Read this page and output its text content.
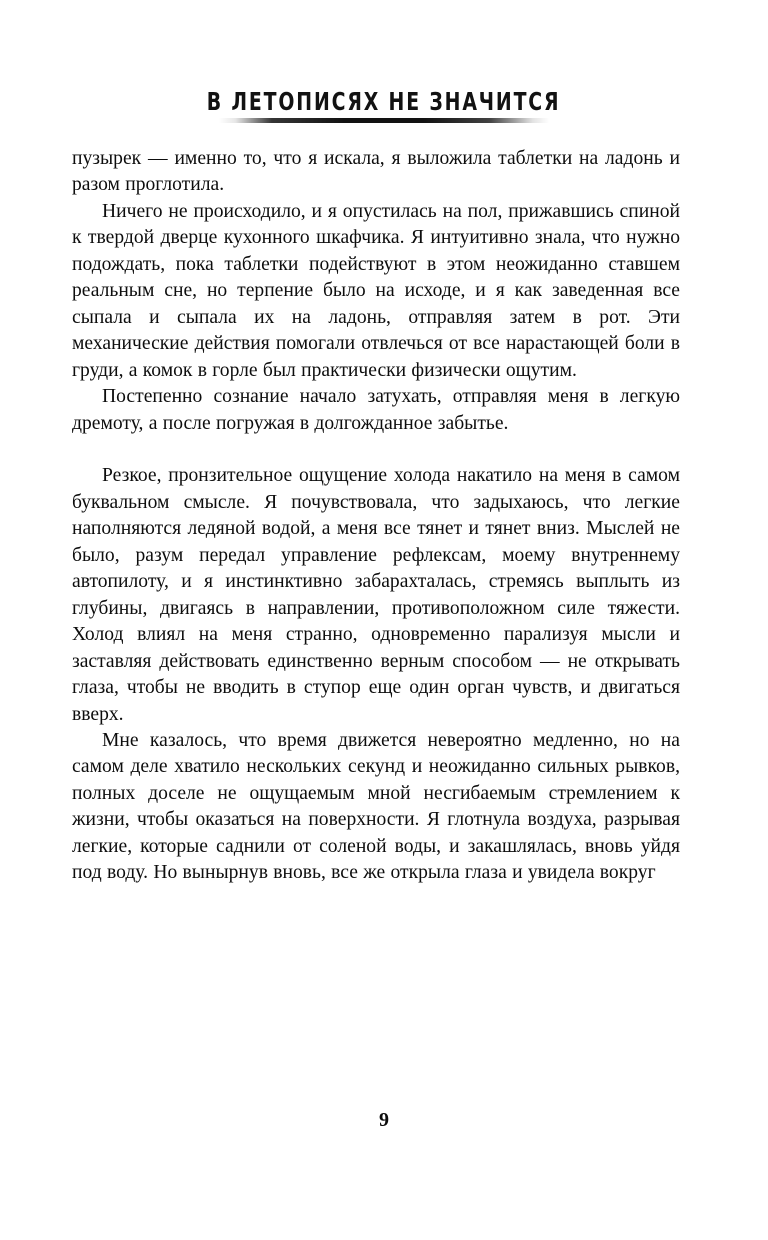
В ЛЕТОПИСЯХ НЕ ЗНАЧИТСЯ

пузырек — именно то, что я искала, я выложила таблетки на ладонь и разом проглотила.

Ничего не происходило, и я опустилась на пол, прижавшись спиной к твердой дверце кухонного шкафчика. Я интуитивно знала, что нужно подождать, пока таблетки подействуют в этом неожиданно ставшем реальным сне, но терпение было на исходе, и я как заведенная все сыпала и сыпала их на ладонь, отправляя затем в рот. Эти механические действия помогали отвлечься от все нарастающей боли в груди, а комок в горле был практически физически ощутим.

Постепенно сознание начало затухать, отправляя меня в легкую дремоту, а после погружая в долгожданное забытье.

Резкое, пронзительное ощущение холода накатило на меня в самом буквальном смысле. Я почувствовала, что задыхаюсь, что легкие наполняются ледяной водой, а меня все тянет и тянет вниз. Мыслей не было, разум передал управление рефлексам, моему внутреннему автопилоту, и я инстинктивно забарахталась, стремясь выплыть из глубины, двигаясь в направлении, противоположном силе тяжести. Холод влиял на меня странно, одновременно парализуя мысли и заставляя действовать единственно верным способом — не открывать глаза, чтобы не вводить в ступор еще один орган чувств, и двигаться вверх.

Мне казалось, что время движется невероятно медленно, но на самом деле хватило нескольких секунд и неожиданно сильных рывков, полных доселе не ощущаемым мной несгибаемым стремлением к жизни, чтобы оказаться на поверхности. Я глотнула воздуха, разрывая легкие, которые саднили от соленой воды, и закашлялась, вновь уйдя под воду. Но вынырнув вновь, все же открыла глаза и увидела вокруг

9
